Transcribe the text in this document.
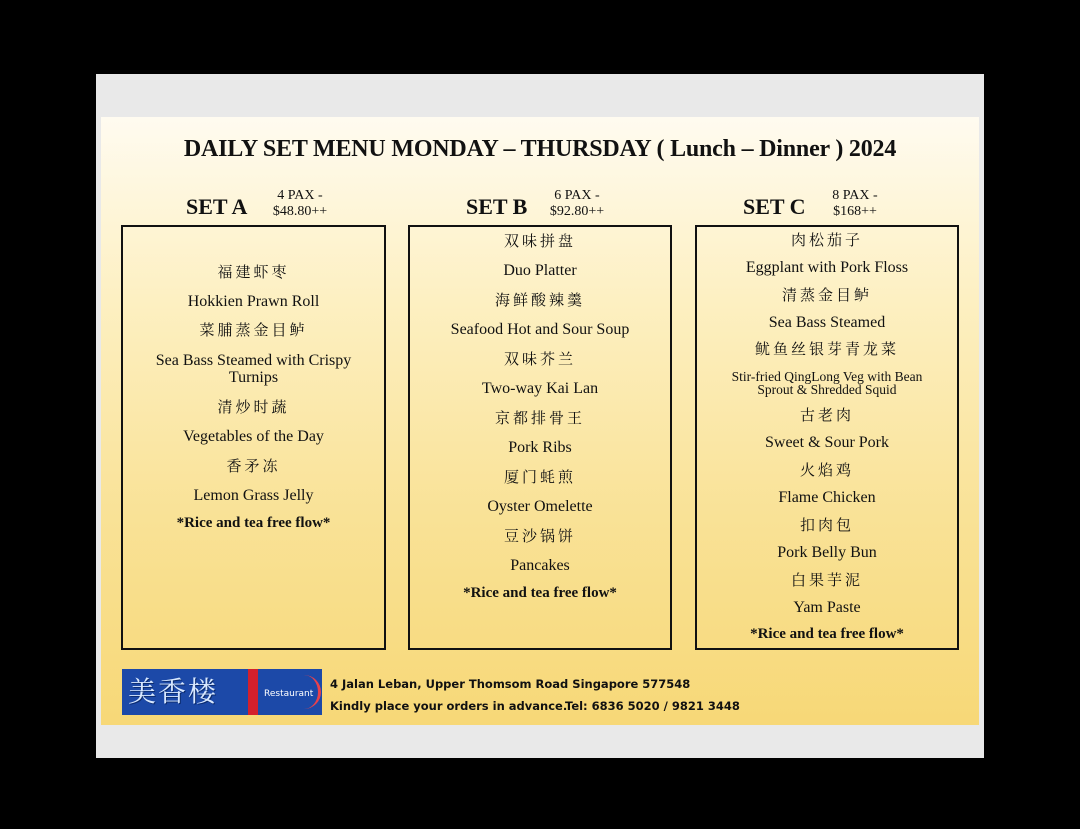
DAILY SET MENU MONDAY – THURSDAY ( Lunch – Dinner ) 2024
SET A	4 PAX -
$48.80++	SET B	6 PAX -
$92.80++	SET C	8 PAX -
$168++
福建虾枣
Hokkien Prawn Roll
菜脯蒸金目鲈
Sea Bass Steamed with Crispy
Turnips
清炒时蔬
Vegetables of the Day
香矛冻
Lemon Grass Jelly
*Rice and tea free flow*
双味拼盘
Duo Platter
海鲜酸辣羹
Seafood Hot and Sour Soup
双味芥兰
Two-way Kai Lan
京都排骨王
Pork Ribs
厦门蚝煎
Oyster Omelette
豆沙锅饼
Pancakes
*Rice and tea free flow*
肉松茄子
Eggplant with Pork Floss
清蒸金目鲈
Sea Bass Steamed
鱿鱼丝银芽青龙菜
Stir-fried QingLong Veg with Bean
Sprout & Shredded Squid
古老肉
Sweet & Sour Pork
火焰鸡
Flame Chicken
扣肉包
Pork Belly Bun
白果芋泥
Yam Paste
*Rice and tea free flow*
美香楼	Restaurant
4 Jalan Leban, Upper Thomsom Road Singapore 577548
Kindly place your orders in advance.
Tel: 6836 5020 / 9821 3448
